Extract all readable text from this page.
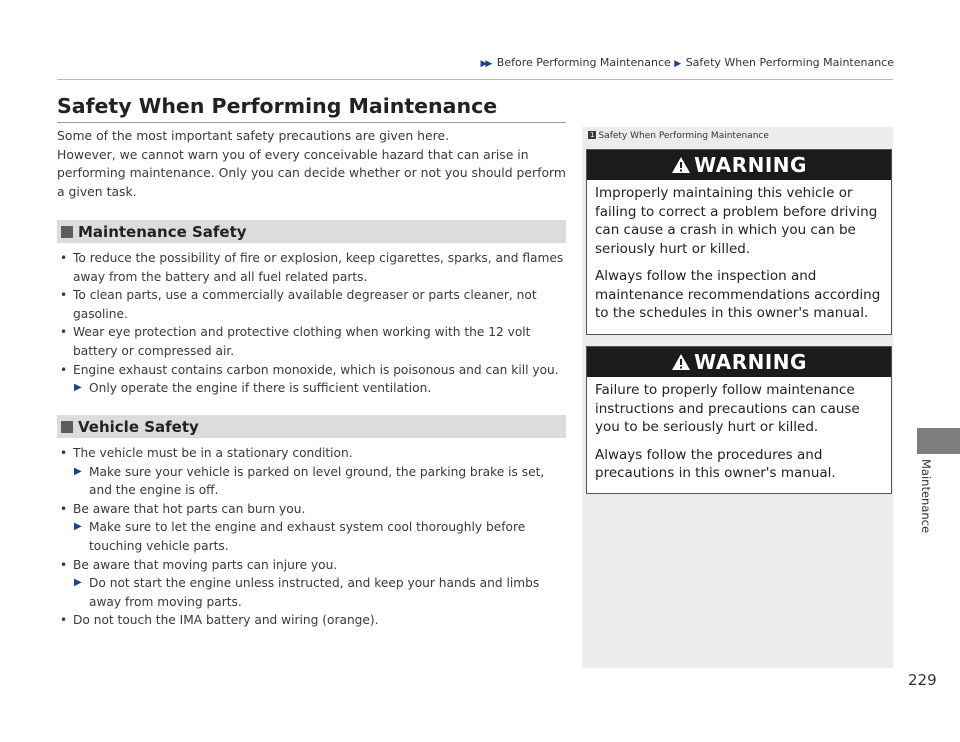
▶▶ Before Performing Maintenance ▶ Safety When Performing Maintenance
Safety When Performing Maintenance

Some of the most important safety precautions are given here.

However, we cannot warn you of every conceivable hazard that can arise in performing maintenance. Only you can decide whether or not you should perform a given task.

Maintenance Safety
• To reduce the possibility of fire or explosion, keep cigarettes, sparks, and flames away from the battery and all fuel related parts.
• To clean parts, use a commercially available degreaser or parts cleaner, not gasoline.
• Wear eye protection and protective clothing when working with the 12 volt battery or compressed air.
• Engine exhaust contains carbon monoxide, which is poisonous and can kill you.
▶ Only operate the engine if there is sufficient ventilation.
Vehicle Safety
• The vehicle must be in a stationary condition.
▶ Make sure your vehicle is parked on level ground, the parking brake is set, and the engine is off.
• Be aware that hot parts can burn you.
▶ Make sure to let the engine and exhaust system cool thoroughly before touching vehicle parts.
• Be aware that moving parts can injure you.
▶ Do not start the engine unless instructed, and keep your hands and limbs away from moving parts.
• Do not touch the IMA battery and wiring (orange).
1 Safety When Performing Maintenance
WARNING

Improperly maintaining this vehicle or failing to correct a problem before driving can cause a crash in which you can be seriously hurt or killed.

Always follow the inspection and maintenance recommendations according to the schedules in this owner's manual.

WARNING

Failure to properly follow maintenance instructions and precautions can cause you to be seriously hurt or killed.

Always follow the procedures and precautions in this owner's manual.	Maintenance
229
